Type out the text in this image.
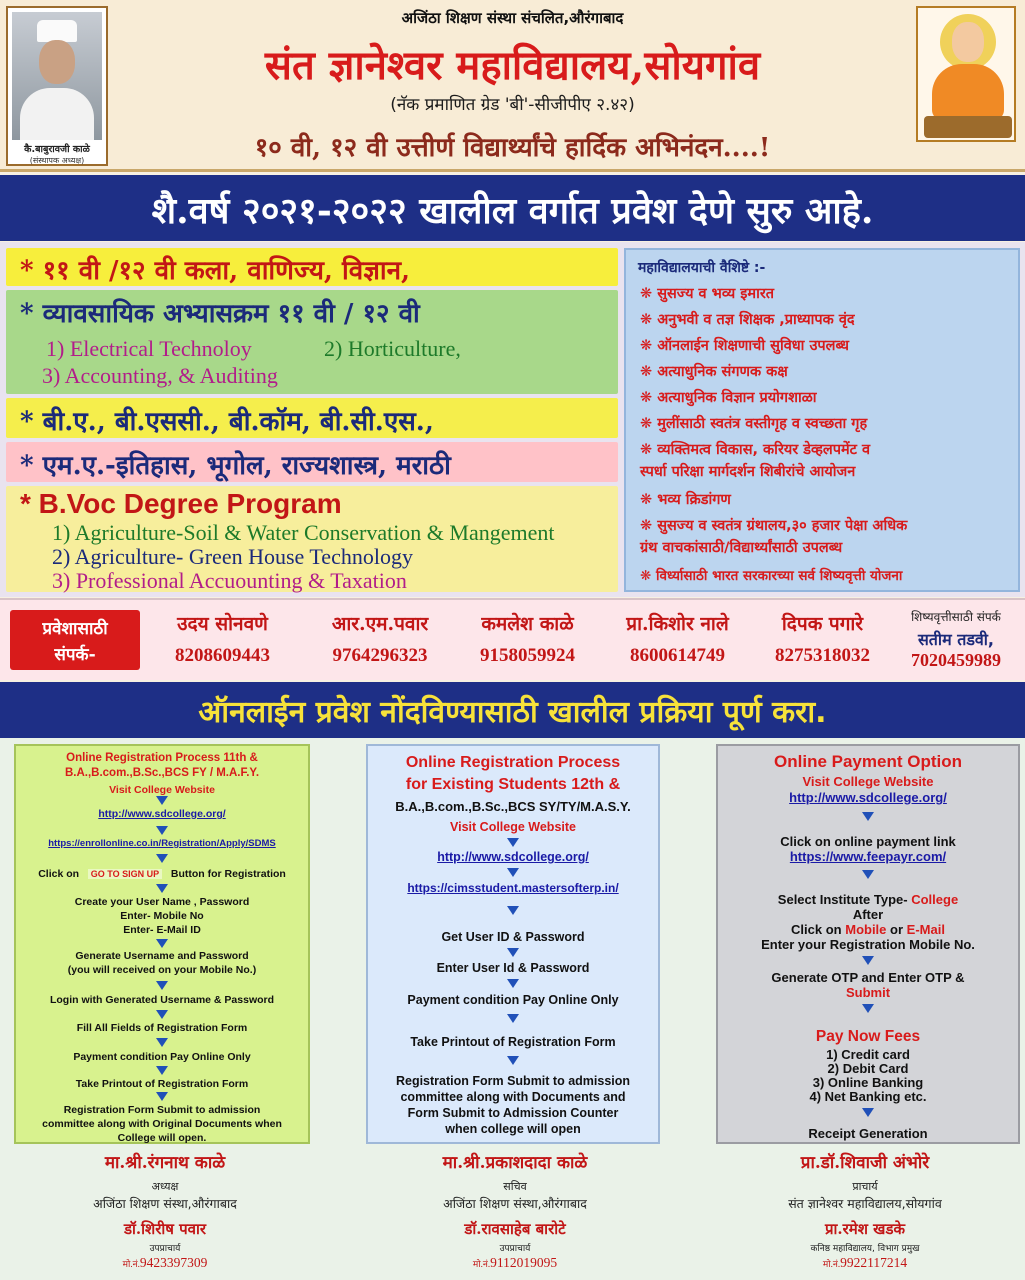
कै.बाबुरावजी काळे
(संस्थापक अध्यक्ष)
अजिंठा शिक्षण संस्था संचलित,औरंगाबाद
संत ज्ञानेश्वर महाविद्यालय,सोयगांव
(नॅक प्रमाणित ग्रेड 'बी'-सीजीपीए २.४२)
१० वी, १२ वी उत्तीर्ण विद्यार्थ्यांचे हार्दिक अभिनंदन....!
शै.वर्ष २०२१-२०२२ खालील वर्गात प्रवेश देणे सुरु आहे.
* ११ वी /१२ वी कला, वाणिज्य, विज्ञान,
* व्यावसायिक अभ्यासक्रम ११ वी / १२ वी
1) Electrical Technoloy	2) Horticulture,
3) Accounting, & Auditing
* बी.ए., बी.एससी., बी.कॉम, बी.सी.एस.,
* एम.ए.-इतिहास, भूगोल, राज्यशास्त्र, मराठी
* B.Voc Degree Program
1) Agriculture-Soil & Water Conservation & Mangement
2) Agriculture- Green House Technology
3) Professional Accuounting & Taxation
महाविद्यालयाची वैशिष्टे :-
❋ सुसज्य व भव्य इमारत
❋ अनुभवी व तज्ञ शिक्षक ,प्राध्यापक वृंद
❋ ऑनलाईन शिक्षणाची सुविधा उपलब्ध
❋ अत्याधुनिक संगणक कक्ष
❋ अत्याधुनिक विज्ञान प्रयोगशाळा
❋ मुलींसाठी स्वतंत्र वस्तीगृह व स्वच्छता गृह
❋ व्यक्तिमत्व विकास, करियर डेव्हलपमेंट व
स्पर्धा परिक्षा मार्गदर्शन शिबीरांचे आयोजन
❋ भव्य क्रिडांगण
❋ सुसज्य व स्वतंत्र ग्रंथालय,३० हजार पेक्षा अधिक
ग्रंथ वाचकांसाठी/विद्यार्थ्यांसाठी उपलब्ध
❋ विर्ध्यासाठी भारत सरकारच्या सर्व शिष्यवृत्ती योजना
प्रवेशासाठी
संपर्क-
उदय सोनवणे
8208609443
आर.एम.पवार
9764296323
कमलेश काळे
9158059924
प्रा.किशोर नाले
8600614749
दिपक पगारे
8275318032
शिष्यवृत्तीसाठी संपर्क
सतीम तडवी,
7020459989
ऑनलाईन प्रवेश नोंदविण्यासाठी खालील प्रक्रिया पूर्ण करा.
Online Registration Process 11th &
B.A.,B.com.,B.Sc.,BCS FY / M.A.F.Y.
Visit College Website
http://www.sdcollege.org/
https://enrollonline.co.in/Registration/Apply/SDMS
Click on GO TO SIGN UP Button for Registration
Create your User Name , Password
Enter- Mobile No
Enter- E-Mail ID
Generate Username and Password
(you will received on your Mobile No.)
Login with Generated Username & Password
Fill All Fields of Registration Form
Payment condition Pay Online Only
Take Printout of Registration Form
Registration Form Submit to admission
committee along with Original Documents when
College will open.
Online Registration Process
for Existing Students 12th &
B.A.,B.com.,B.Sc.,BCS SY/TY/M.A.S.Y.
Visit College Website
http://www.sdcollege.org/
https://cimsstudent.mastersofterp.in/
Get User ID & Password
Enter User Id & Password
Payment condition Pay Online Only
Take Printout of Registration Form
Registration Form Submit to admission
committee along with Documents and
Form Submit to Admission Counter
when college will open
Online Payment Option
Visit College Website
http://www.sdcollege.org/
Click on online payment link
https://www.feepayr.com/
Select Institute Type- College
After
Click on Mobile or E-Mail
Enter your Registration Mobile No.
Generate OTP and Enter OTP &
Submit
Pay Now Fees
1) Credit card
2) Debit Card
3) Online Banking
4) Net Banking etc.
Receipt Generation
मा.श्री.रंगनाथ काळे
अध्यक्ष
अजिंठा शिक्षण संस्था,औरंगाबाद
डॉ.शिरीष पवार
उपप्राचार्य
मो.नं.9423397309
मा.श्री.प्रकाशदादा काळे
सचिव
अजिंठा शिक्षण संस्था,औरंगाबाद
डॉ.रावसाहेब बारोटे
उपप्राचार्य
मो.नं.9112019095
प्रा.डॉ.शिवाजी अंभोरे
प्राचार्य
संत ज्ञानेश्वर महाविद्यालय,सोयगांव
प्रा.रमेश खडके
कनिष्ठ महाविद्यालय, विभाग प्रमुख
मो.नं.9922117214
